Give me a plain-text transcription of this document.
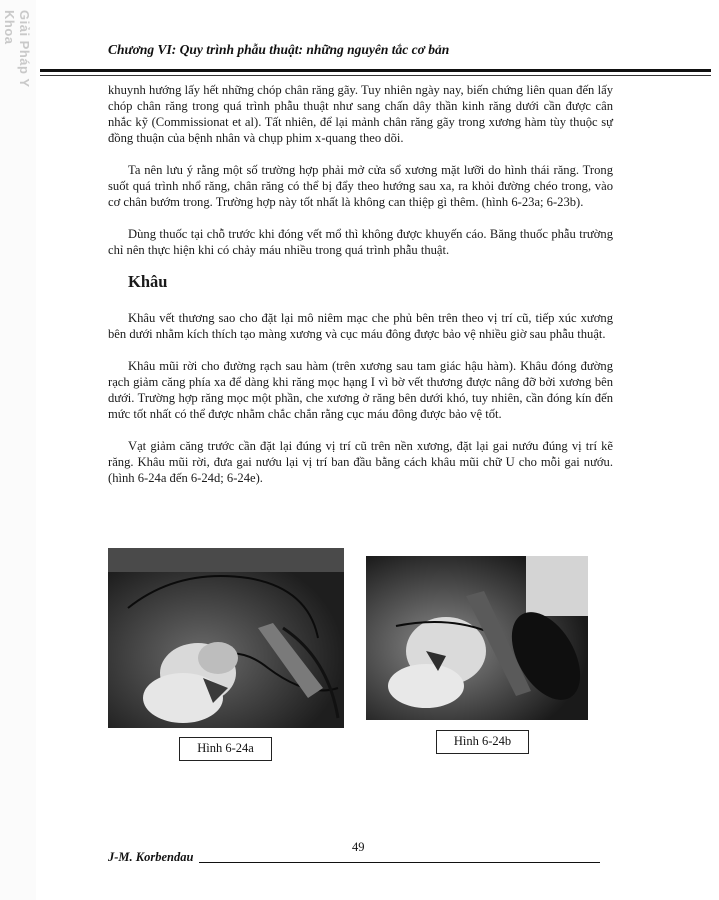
Giải Pháp Y Khoa
Chương VI: Quy trình phẫu thuật: những nguyên tắc cơ bản

khuynh hướng lấy hết những chóp chân răng gãy. Tuy nhiên ngày nay, biến chứng liên quan đến lấy chóp chân răng trong quá trình phẫu thuật như sang chấn dây thần kinh răng dưới cần được cân nhắc kỹ (Commissionat et al). Tất nhiên, để lại mảnh chân răng gãy trong xương hàm tùy thuộc sự đồng thuận của bệnh nhân và chụp phim x-quang theo dõi.

Ta nên lưu ý rằng một số trường hợp phải mở cửa sổ xương mặt lưỡi do hình thái răng. Trong suốt quá trình nhổ răng, chân răng có thể bị đẩy theo hướng sau xa, ra khỏi đường chéo trong, vào cơ chân bướm trong. Trường hợp này tốt nhất là không can thiệp gì thêm. (hình 6-23a; 6-23b).

Dùng thuốc tại chỗ trước khi đóng vết mổ thì không được khuyến cáo. Băng thuốc phẫu trường chỉ nên thực hiện khi có chảy máu nhiều trong quá trình phẫu thuật.

Khâu

Khâu vết thương sao cho đặt lại mô niêm mạc che phủ bên trên theo vị trí cũ, tiếp xúc xương bên dưới nhằm kích thích tạo màng xương và cục máu đông được bảo vệ nhiều giờ sau phẫu thuật.

Khâu mũi rời cho đường rạch sau hàm (trên xương sau tam giác hậu hàm). Khâu đóng đường rạch giảm căng phía xa để dàng khi răng mọc hạng I vì bờ vết thương được nâng đỡ bởi xương bên dưới. Trường hợp răng mọc một phần, che xương ở răng bên dưới khó, tuy nhiên, cần đóng kín đến mức tốt nhất có thể được nhằm chắc chắn rằng cục máu đông được bảo vệ tốt.

Vạt giảm căng trước cần đặt lại đúng vị trí cũ trên nền xương, đặt lại gai nướu đúng vị trí kẽ răng. Khâu mũi rời, đưa gai nướu lại vị trí ban đầu bằng cách khâu mũi chữ U cho mỗi gai nướu. (hình 6-24a đến 6-24d; 6-24e).

Hình 6-24a	Hình 6-24b
49
J-M. Korbendau
